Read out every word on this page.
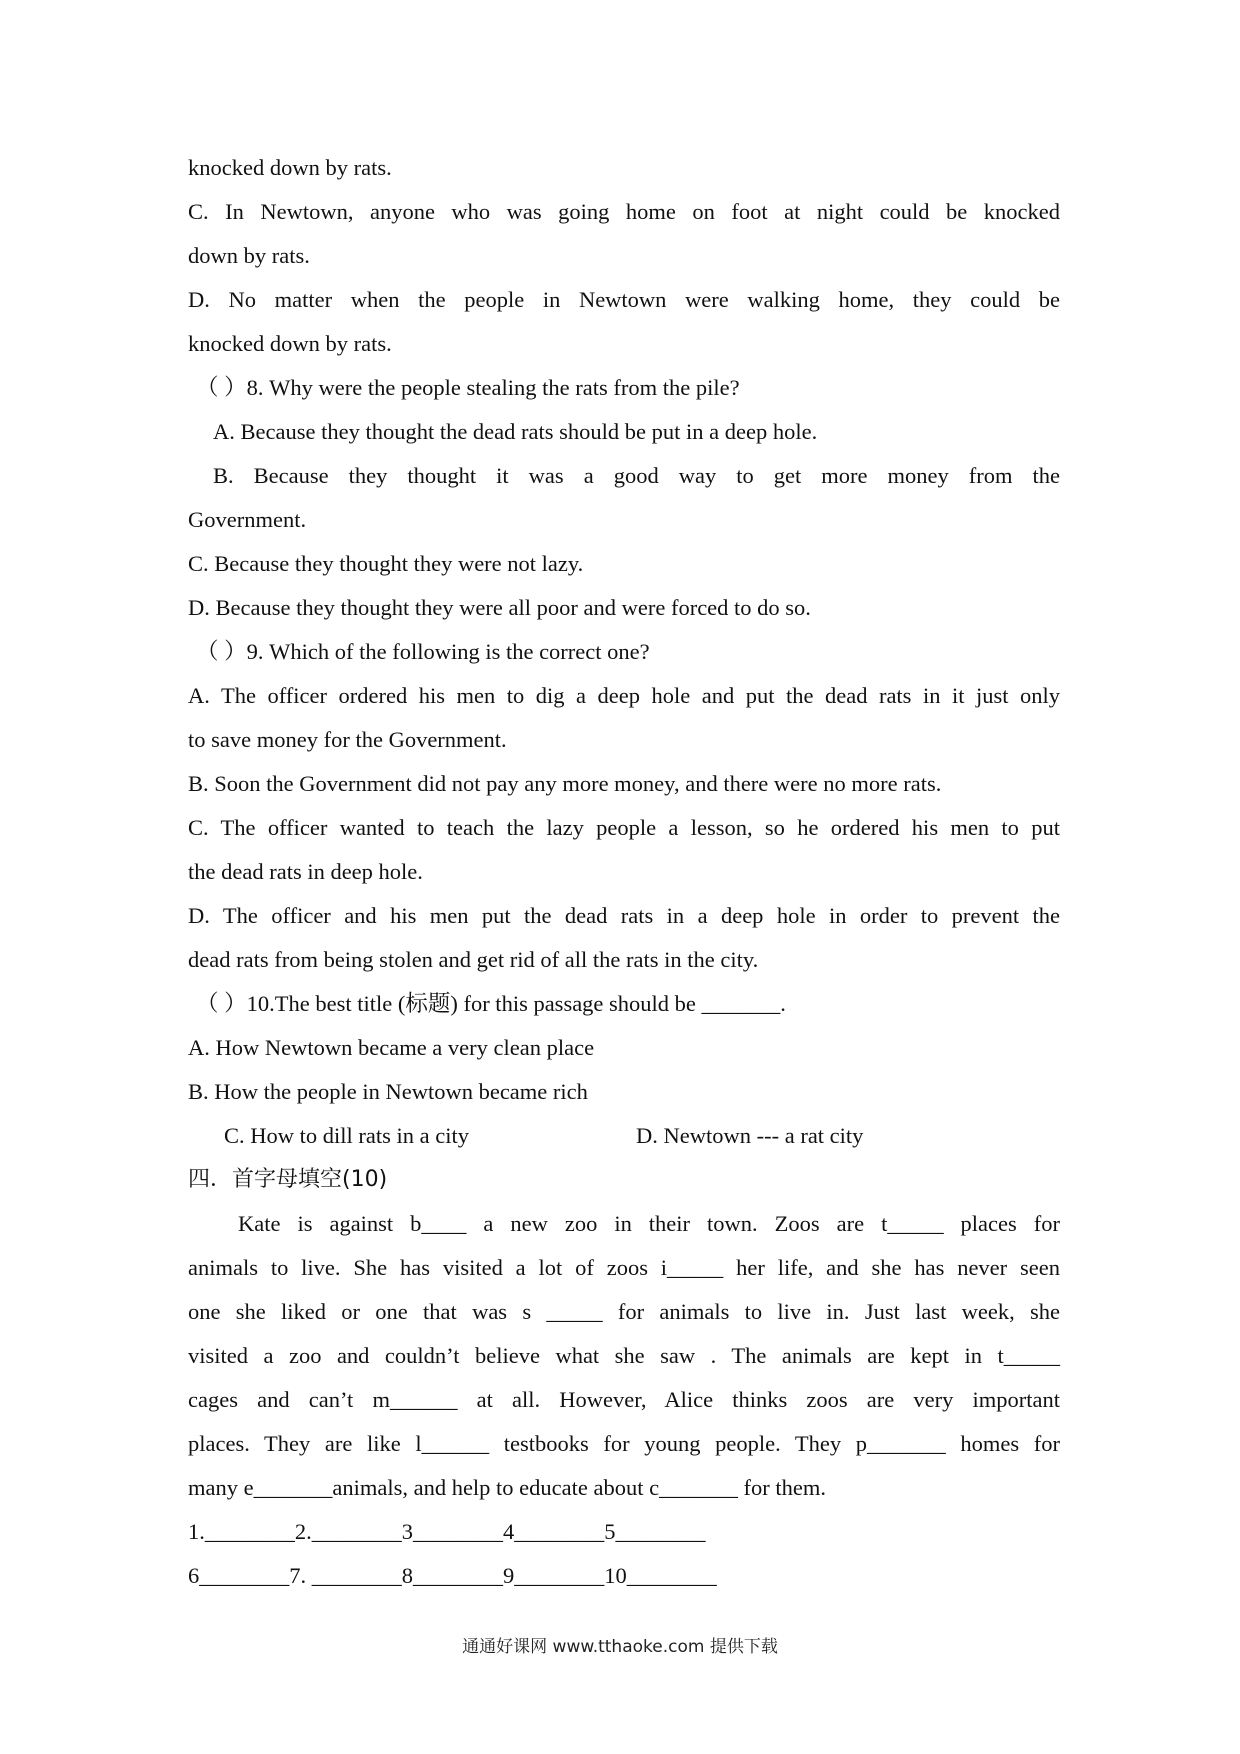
knocked down by rats.

C. In Newtown, anyone who was going home on foot at night could be knocked

down by rats.

D. No matter when the people in Newtown were walking home, they could be

knocked down by rats.

（ ）8. Why were the people stealing the rats from the pile?

A. Because they thought the dead rats should be put in a deep hole.

B. Because they thought it was a good way to get more money from the

Government.

C. Because they thought they were not lazy.

D. Because they thought they were all poor and were forced to do so.

（ ）9. Which of the following is the correct one?

A. The officer ordered his men to dig a deep hole and put the dead rats in it just only

to save money for the Government.

B. Soon the Government did not pay any more money, and there were no more rats.

C. The officer wanted to teach the lazy people a lesson, so he ordered his men to put

the dead rats in deep hole.

D. The officer and his men put the dead rats in a deep hole in order to prevent the

dead rats from being stolen and get rid of all the rats in the city.

（ ）10.The best title (标题) for this passage should be _______.

A. How Newtown became a very clean place

B. How the people in Newtown became rich

C. How to dill rats in a city	D. Newtown --- a rat city

四．首字母填空(10)

Kate is against b____ a new zoo in their town. Zoos are t_____ places for

animals to live. She has visited a lot of zoos i_____ her life, and she has never seen

one she liked or one that was s _____ for animals to live in. Just last week, she

visited a zoo and couldn’t believe what she saw . The animals are kept in t_____

cages and can’t m______ at all. However, Alice thinks zoos are very important

places. They are like l______ testbooks for young people. They p_______ homes for

many e_______animals, and help to educate about c_______ for them.

1.________2.________3________4________5________

6________7. ________8________9________10________

通通好课网 www.tthaoke.com 提供下载
